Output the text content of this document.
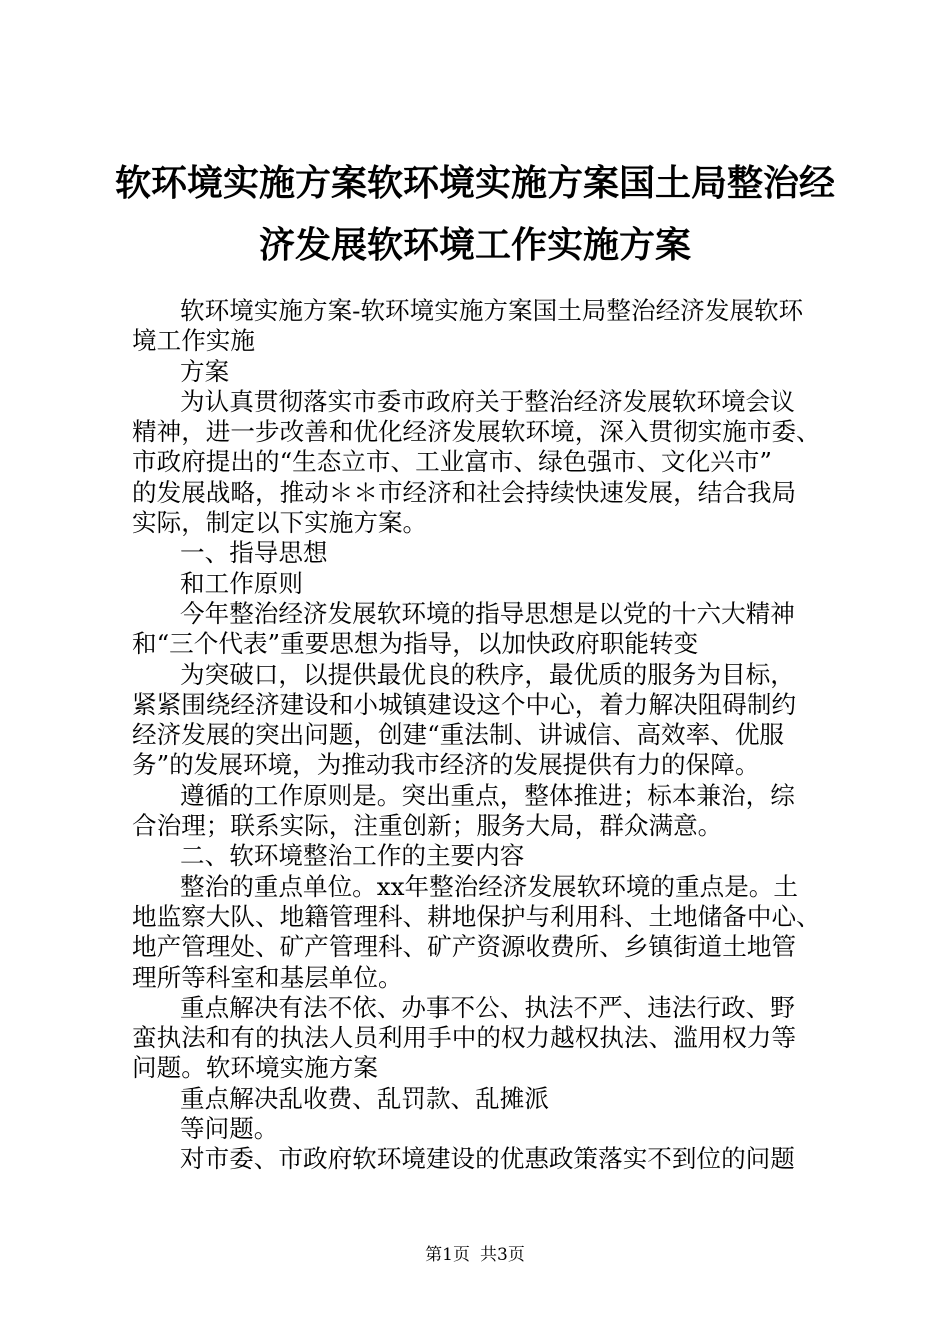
软环境实施方案软环境实施方案国土局整治经
济发展软环境工作实施方案
软环境实施方案-软环境实施方案国土局整治经济发展软环
境工作实施
方案
为认真贯彻落实市委市政府关于整治经济发展软环境会议
精神，进一步改善和优化经济发展软环境，深入贯彻实施市委、
市政府提出的“生态立市、工业富市、绿色强市、文化兴市”
的发展战略，推动＊＊市经济和社会持续快速发展，结合我局
实际，制定以下实施方案。
一、指导思想
和工作原则
今年整治经济发展软环境的指导思想是以党的十六大精神
和“三个代表”重要思想为指导，以加快政府职能转变
为突破口，以提供最优良的秩序，最优质的服务为目标，
紧紧围绕经济建设和小城镇建设这个中心，着力解决阻碍制约
经济发展的突出问题，创建“重法制、讲诚信、高效率、优服
务”的发展环境，为推动我市经济的发展提供有力的保障。
遵循的工作原则是。突出重点，整体推进；标本兼治，综
合治理；联系实际，注重创新；服务大局，群众满意。
二、软环境整治工作的主要内容
整治的重点单位。xx年整治经济发展软环境的重点是。土
地监察大队、地籍管理科、耕地保护与利用科、土地储备中心、
地产管理处、矿产管理科、矿产资源收费所、乡镇街道土地管
理所等科室和基层单位。
重点解决有法不依、办事不公、执法不严、违法行政、野
蛮执法和有的执法人员利用手中的权力越权执法、滥用权力等
问题。软环境实施方案
重点解决乱收费、乱罚款、乱摊派
等问题。
对市委、市政府软环境建设的优惠政策落实不到位的问题
第1页 共3页
